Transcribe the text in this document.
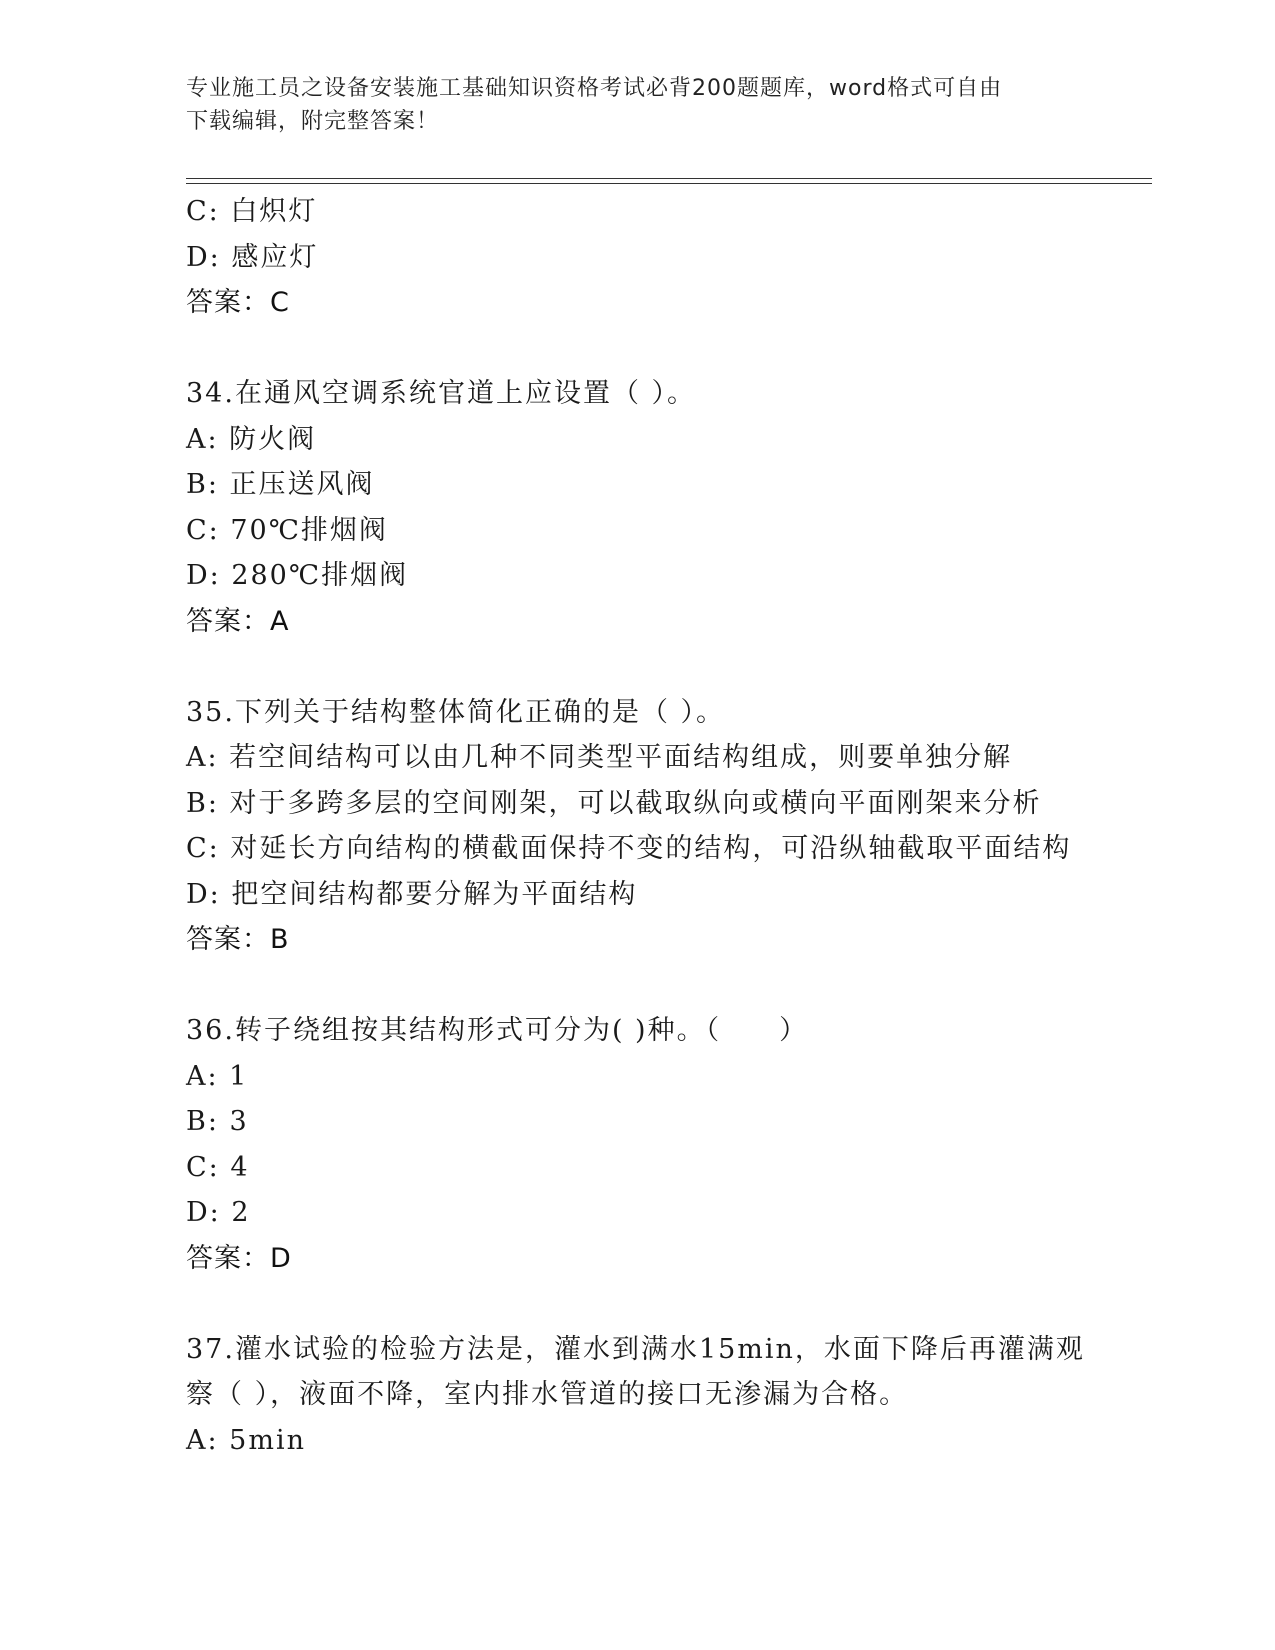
专业施工员之设备安装施工基础知识资格考试必背200题题库，word格式可自由
下载编辑，附完整答案！
C: 白炽灯
D: 感应灯
答案：C
34.在通风空调系统官道上应设置（ ）。
A: 防火阀
B: 正压送风阀
C: 70℃排烟阀
D: 280℃排烟阀
答案：A
35.下列关于结构整体简化正确的是（ ）。
A: 若空间结构可以由几种不同类型平面结构组成，则要单独分解
B: 对于多跨多层的空间刚架，可以截取纵向或横向平面刚架来分析
C: 对延长方向结构的横截面保持不变的结构，可沿纵轴截取平面结构
D: 把空间结构都要分解为平面结构
答案：B
36.转子绕组按其结构形式可分为( )种。（　　）
A: 1
B: 3
C: 4
D: 2
答案：D
37.灌水试验的检验方法是，灌水到满水15min，水面下降后再灌满观
察（ ），液面不降，室内排水管道的接口无渗漏为合格。
A: 5min
